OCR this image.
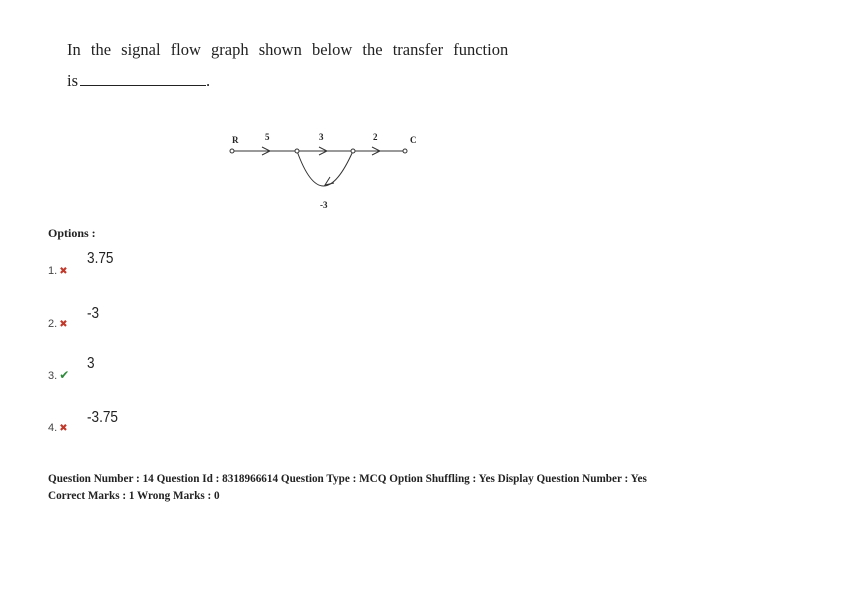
In the signal flow graph shown below the transfer function
is	.
R	5	3	2	C
-3
Options :
1. ✖
3.75
2. ✖
-3
3. ✔
3
4. ✖
-3.75
Question Number : 14 Question Id : 8318966614 Question Type : MCQ Option Shuffling : Yes Display Question Number : Yes
Correct Marks : 1 Wrong Marks : 0
